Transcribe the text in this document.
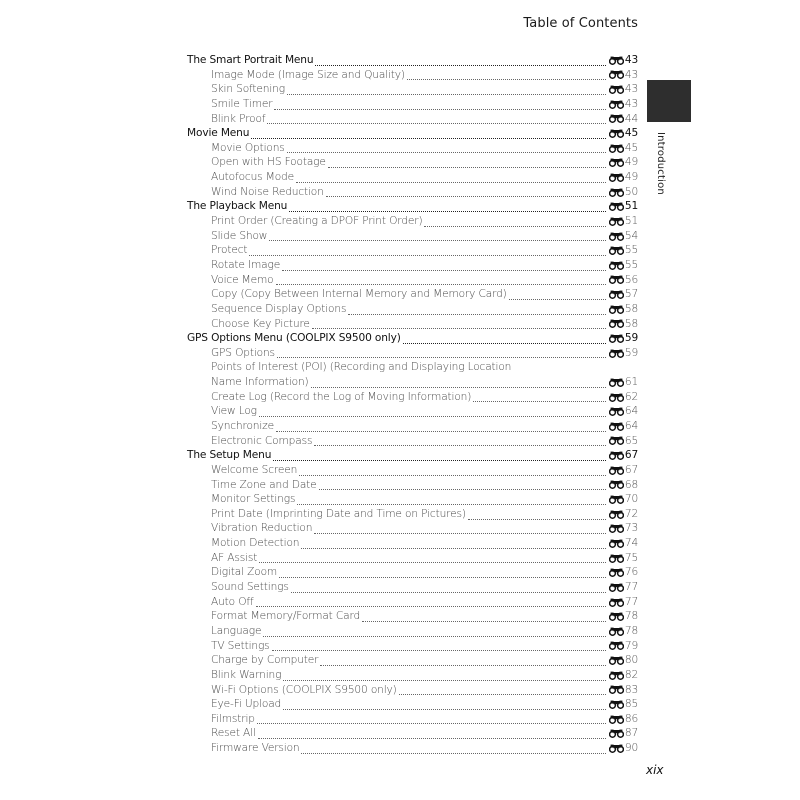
Table of Contents
Introduction
The Smart Portrait Menu	43
Image Mode (Image Size and Quality)	43
Skin Softening	43
Smile Timer	43
Blink Proof	44
Movie Menu	45
Movie Options	45
Open with HS Footage	49
Autofocus Mode	49
Wind Noise Reduction	50
The Playback Menu	51
Print Order (Creating a DPOF Print Order)	51
Slide Show	54
Protect	55
Rotate Image	55
Voice Memo	56
Copy (Copy Between Internal Memory and Memory Card)	57
Sequence Display Options	58
Choose Key Picture	58
GPS Options Menu (COOLPIX S9500 only)	59
GPS Options	59
Points of Interest (POI) (Recording and Displaying Location
Name Information)	61
Create Log (Record the Log of Moving Information)	62
View Log	64
Synchronize	64
Electronic Compass	65
The Setup Menu	67
Welcome Screen	67
Time Zone and Date	68
Monitor Settings	70
Print Date (Imprinting Date and Time on Pictures)	72
Vibration Reduction	73
Motion Detection	74
AF Assist	75
Digital Zoom	76
Sound Settings	77
Auto Off	77
Format Memory/Format Card	78
Language	78
TV Settings	79
Charge by Computer	80
Blink Warning	82
Wi-Fi Options (COOLPIX S9500 only)	83
Eye-Fi Upload	85
Filmstrip	86
Reset All	87
Firmware Version	90
xix
